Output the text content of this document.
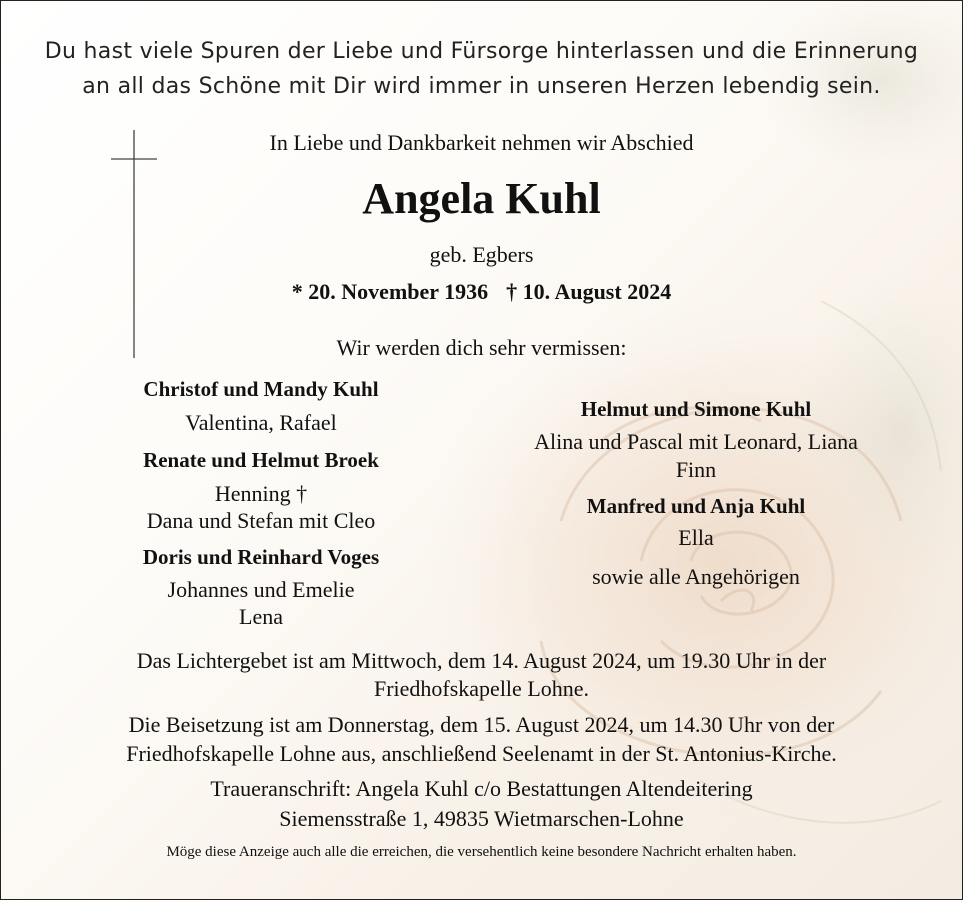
Du hast viele Spuren der Liebe und Fürsorge hinterlassen und die Erinnerung
an all das Schöne mit Dir wird immer in unseren Herzen lebendig sein.
In Liebe und Dankbarkeit nehmen wir Abschied
Angela Kuhl
geb. Egbers
* 20. November 1936 † 10. August 2024
Wir werden dich sehr vermissen:
Christof und Mandy Kuhl
Valentina, Rafael
Renate und Helmut Broek
Henning †
Dana und Stefan mit Cleo
Doris und Reinhard Voges
Johannes und Emelie
Lena
Helmut und Simone Kuhl
Alina und Pascal mit Leonard, Liana
Finn
Manfred und Anja Kuhl
Ella
sowie alle Angehörigen
Das Lichtergebet ist am Mittwoch, dem 14. August 2024, um 19.30 Uhr in der
Friedhofskapelle Lohne.
Die Beisetzung ist am Donnerstag, dem 15. August 2024, um 14.30 Uhr von der
Friedhofskapelle Lohne aus, anschließend Seelenamt in der St. Antonius-Kirche.
Traueranschrift: Angela Kuhl c/o Bestattungen Altendeitering
Siemensstraße 1, 49835 Wietmarschen-Lohne
Möge diese Anzeige auch alle die erreichen, die versehentlich keine besondere Nachricht erhalten haben.
